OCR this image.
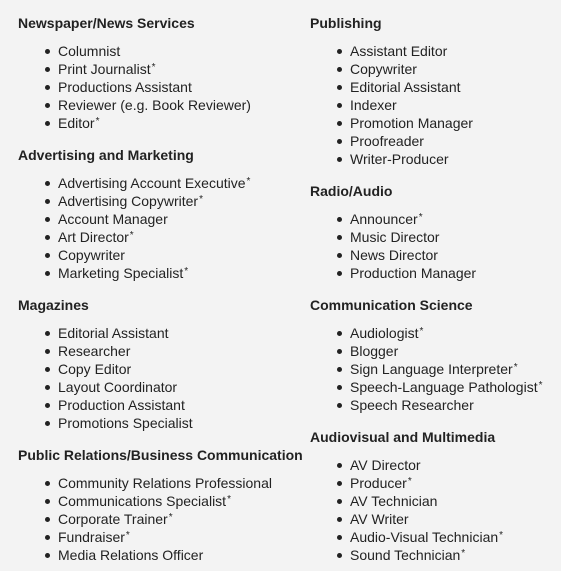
Newspaper/News Services
Columnist
Print Journalist*
Productions Assistant
Reviewer (e.g. Book Reviewer)
Editor*
Advertising and Marketing
Advertising Account Executive*
Advertising Copywriter*
Account Manager
Art Director*
Copywriter
Marketing Specialist*
Magazines
Editorial Assistant
Researcher
Copy Editor
Layout Coordinator
Production Assistant
Promotions Specialist
Public Relations/Business Communication
Community Relations Professional
Communications Specialist*
Corporate Trainer*
Fundraiser*
Media Relations Officer
Publishing
Assistant Editor
Copywriter
Editorial Assistant
Indexer
Promotion Manager
Proofreader
Writer-Producer
Radio/Audio
Announcer*
Music Director
News Director
Production Manager
Communication Science
Audiologist*
Blogger
Sign Language Interpreter*
Speech-Language Pathologist*
Speech Researcher
Audiovisual and Multimedia
AV Director
Producer*
AV Technician
AV Writer
Audio-Visual Technician*
Sound Technician*
